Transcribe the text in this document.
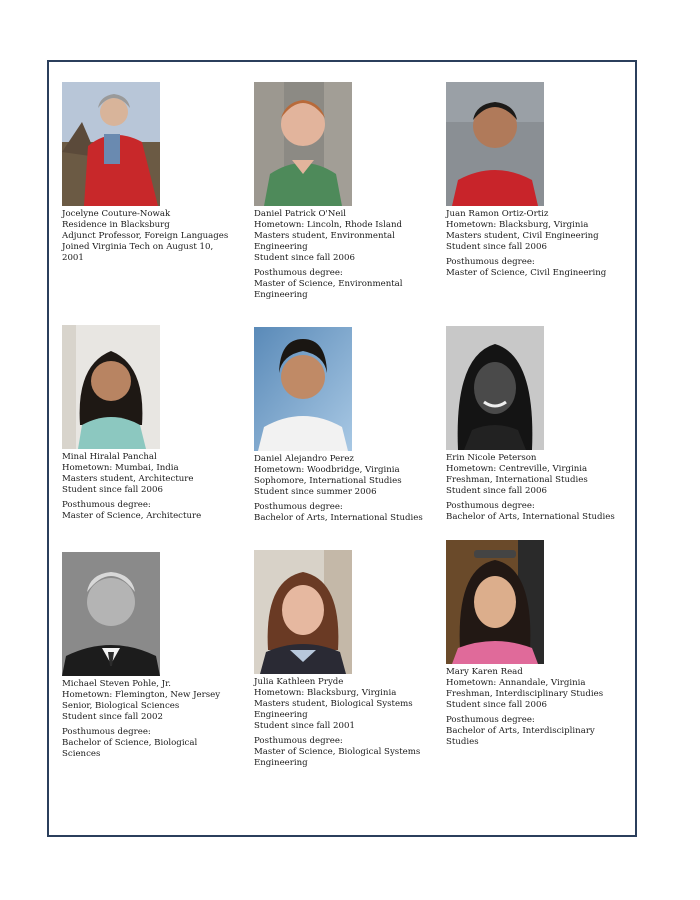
Jocelyne Couture-Nowak
Residence in Blacksburg
Adjunct Professor, Foreign Languages
Joined Virginia Tech on August 10, 2001
Daniel Patrick O'Neil
Hometown: Lincoln, Rhode Island
Masters student, Environmental Engineering
Student since fall 2006
Posthumous degree:
Master of Science, Environmental Engineering
Juan Ramon Ortiz-Ortiz
Hometown: Blacksburg, Virginia
Masters student, Civil Engineering
Student since fall 2006
Posthumous degree:
Master of Science, Civil Engineering
Minal Hiralal Panchal
Hometown: Mumbai, India
Masters student, Architecture
Student since fall 2006
Posthumous degree:
Master of Science, Architecture
Daniel Alejandro Perez
Hometown: Woodbridge, Virginia
Sophomore, International Studies
Student since summer 2006
Posthumous degree:
Bachelor of Arts, International Studies
Erin Nicole Peterson
Hometown: Centreville, Virginia
Freshman, International Studies
Student since fall 2006
Posthumous degree:
Bachelor of Arts, International Studies
Michael Steven Pohle, Jr.
Hometown: Flemington, New Jersey
Senior, Biological Sciences
Student since fall 2002
Posthumous degree:
Bachelor of Science, Biological Sciences
Julia Kathleen Pryde
Hometown: Blacksburg, Virginia
Masters student, Biological Systems Engineering
Student since fall 2001
Posthumous degree:
Master of Science, Biological Systems Engineering
Mary Karen Read
Hometown: Annandale, Virginia
Freshman, Interdisciplinary Studies
Student since fall 2006
Posthumous degree:
Bachelor of Arts, Interdisciplinary Studies
